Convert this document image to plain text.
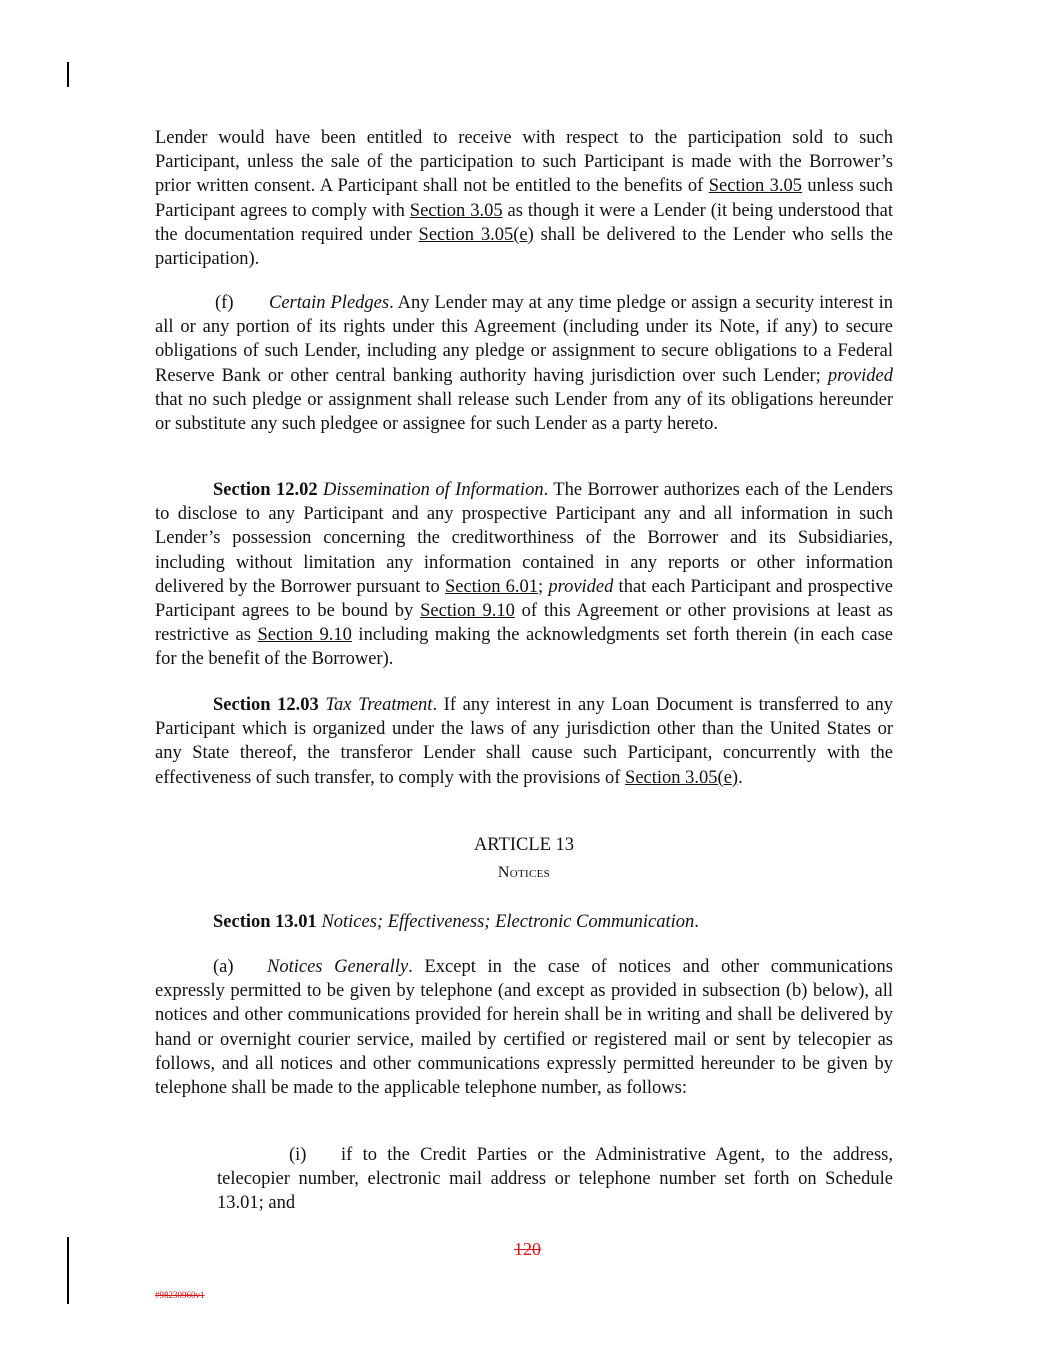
Lender would have been entitled to receive with respect to the participation sold to such Participant, unless the sale of the participation to such Participant is made with the Borrower’s prior written consent. A Participant shall not be entitled to the benefits of Section 3.05 unless such Participant agrees to comply with Section 3.05 as though it were a Lender (it being understood that the documentation required under Section 3.05(e) shall be delivered to the Lender who sells the participation).

(f) Certain Pledges. Any Lender may at any time pledge or assign a security interest in all or any portion of its rights under this Agreement (including under its Note, if any) to secure obligations of such Lender, including any pledge or assignment to secure obligations to a Federal Reserve Bank or other central banking authority having jurisdiction over such Lender; provided that no such pledge or assignment shall release such Lender from any of its obligations hereunder or substitute any such pledgee or assignee for such Lender as a party hereto.

Section 12.02 Dissemination of Information. The Borrower authorizes each of the Lenders to disclose to any Participant and any prospective Participant any and all information in such Lender’s possession concerning the creditworthiness of the Borrower and its Subsidiaries, including without limitation any information contained in any reports or other information delivered by the Borrower pursuant to Section 6.01; provided that each Participant and prospective Participant agrees to be bound by Section 9.10 of this Agreement or other provisions at least as restrictive as Section 9.10 including making the acknowledgments set forth therein (in each case for the benefit of the Borrower).

Section 12.03 Tax Treatment. If any interest in any Loan Document is transferred to any Participant which is organized under the laws of any jurisdiction other than the United States or any State thereof, the transferor Lender shall cause such Participant, concurrently with the effectiveness of such transfer, to comply with the provisions of Section 3.05(e).

ARTICLE 13
Notices

Section 13.01 Notices; Effectiveness; Electronic Communication.

(a) Notices Generally. Except in the case of notices and other communications expressly permitted to be given by telephone (and except as provided in subsection (b) below), all notices and other communications provided for herein shall be in writing and shall be delivered by hand or overnight courier service, mailed by certified or registered mail or sent by telecopier as follows, and all notices and other communications expressly permitted hereunder to be given by telephone shall be made to the applicable telephone number, as follows:

(i) if to the Credit Parties or the Administrative Agent, to the address, telecopier number, electronic mail address or telephone number set forth on Schedule 13.01; and

120
#98230960v1
